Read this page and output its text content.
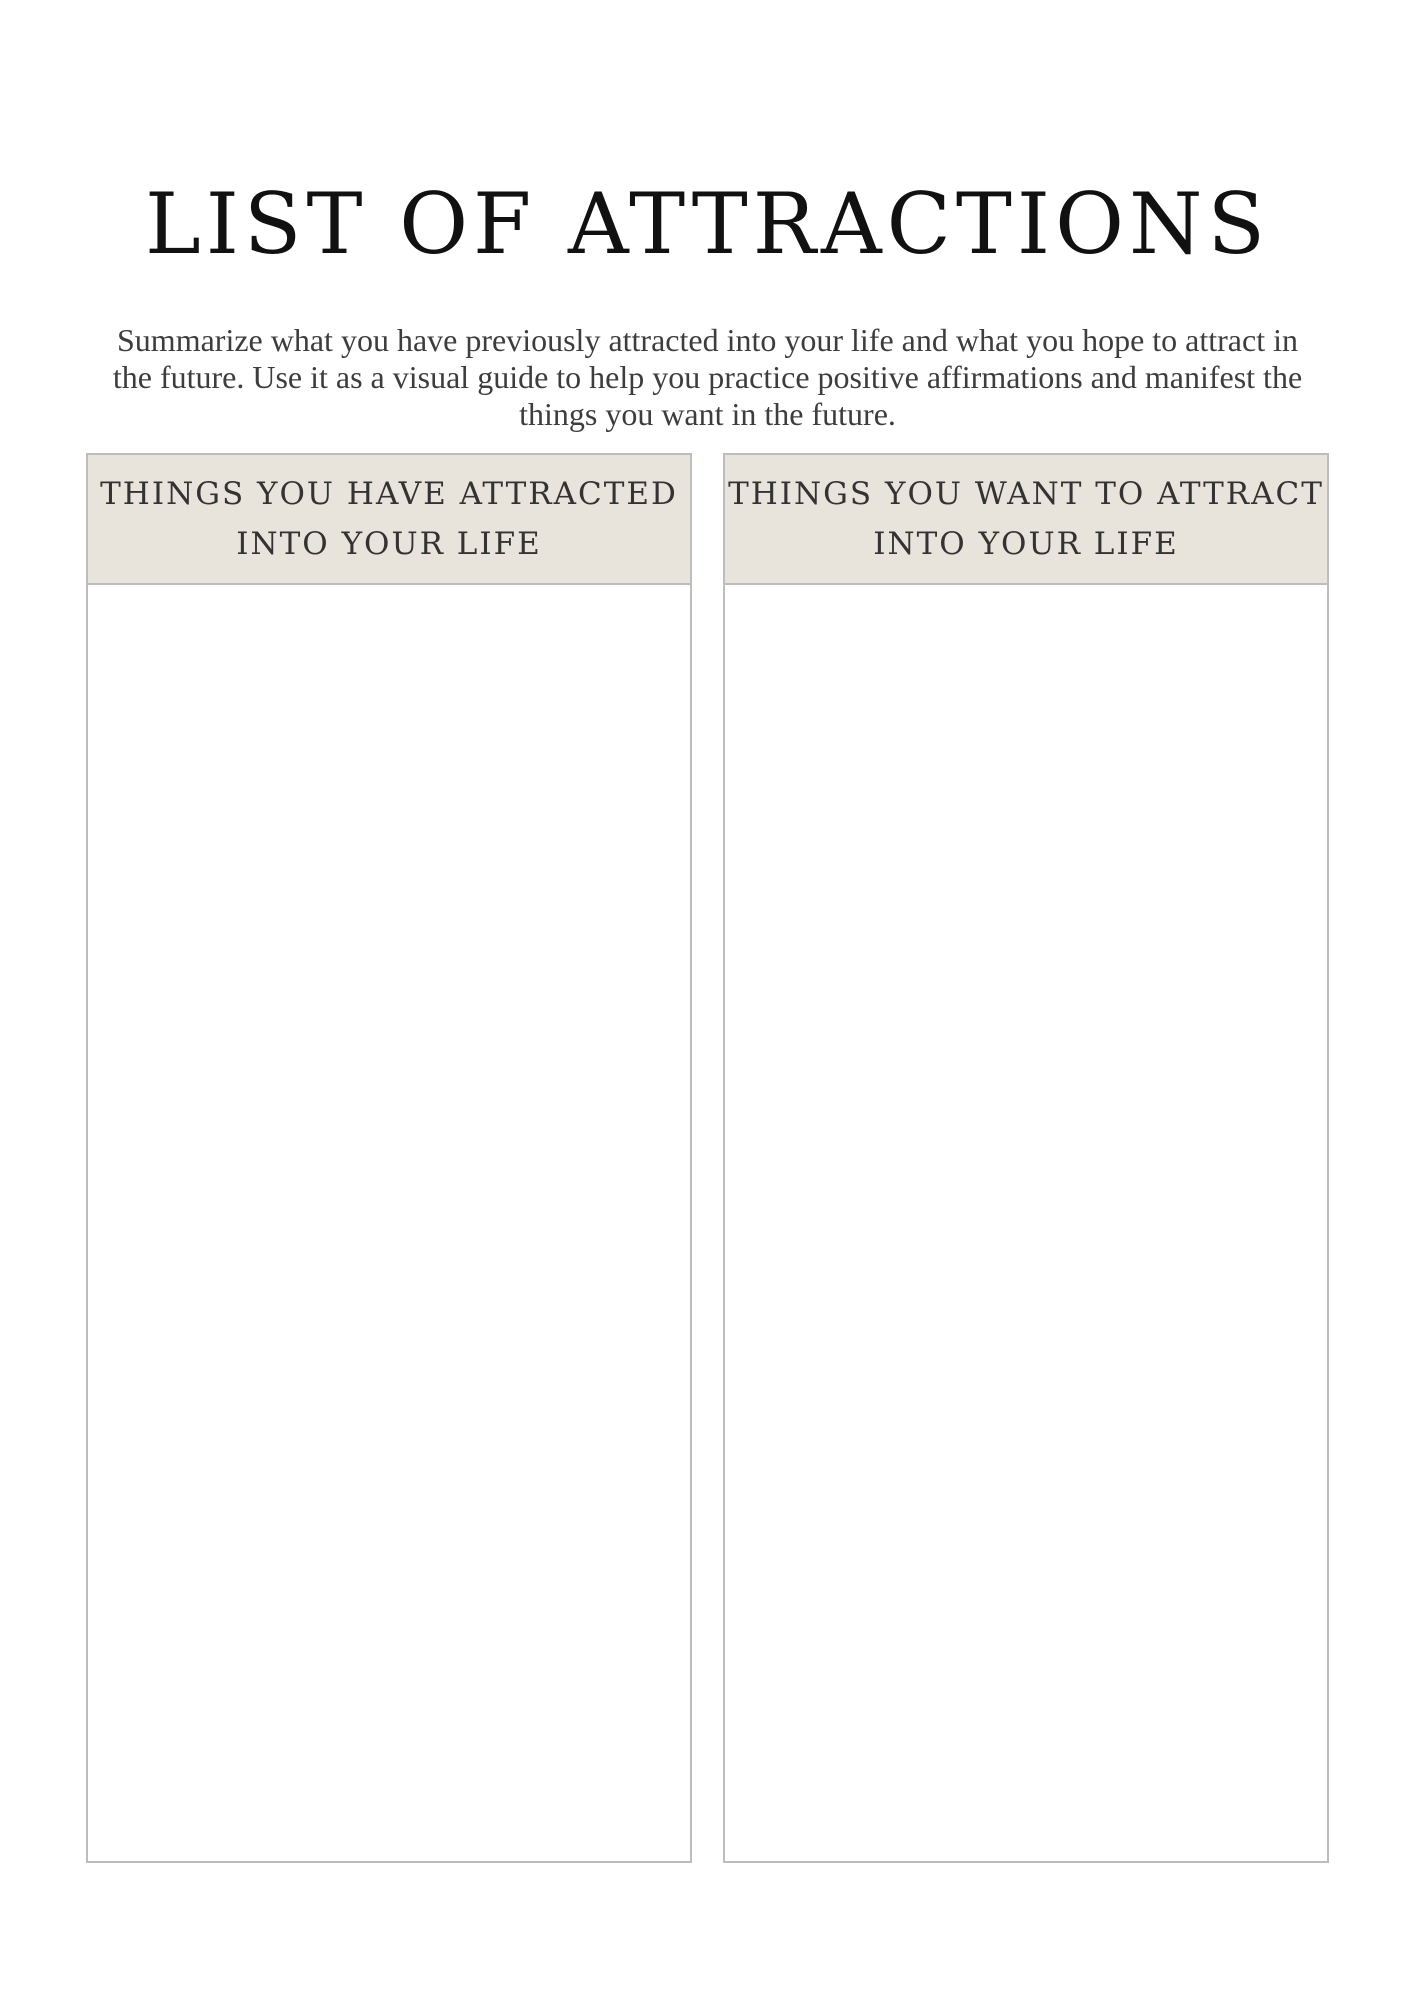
LIST OF ATTRACTIONS

Summarize what you have previously attracted into your life and what you hope to attract in the future. Use it as a visual guide to help you practice positive affirmations and manifest the things you want in the future.

THINGS YOU HAVE ATTRACTED
INTO YOUR LIFE
THINGS YOU WANT TO ATTRACT
INTO YOUR LIFE
